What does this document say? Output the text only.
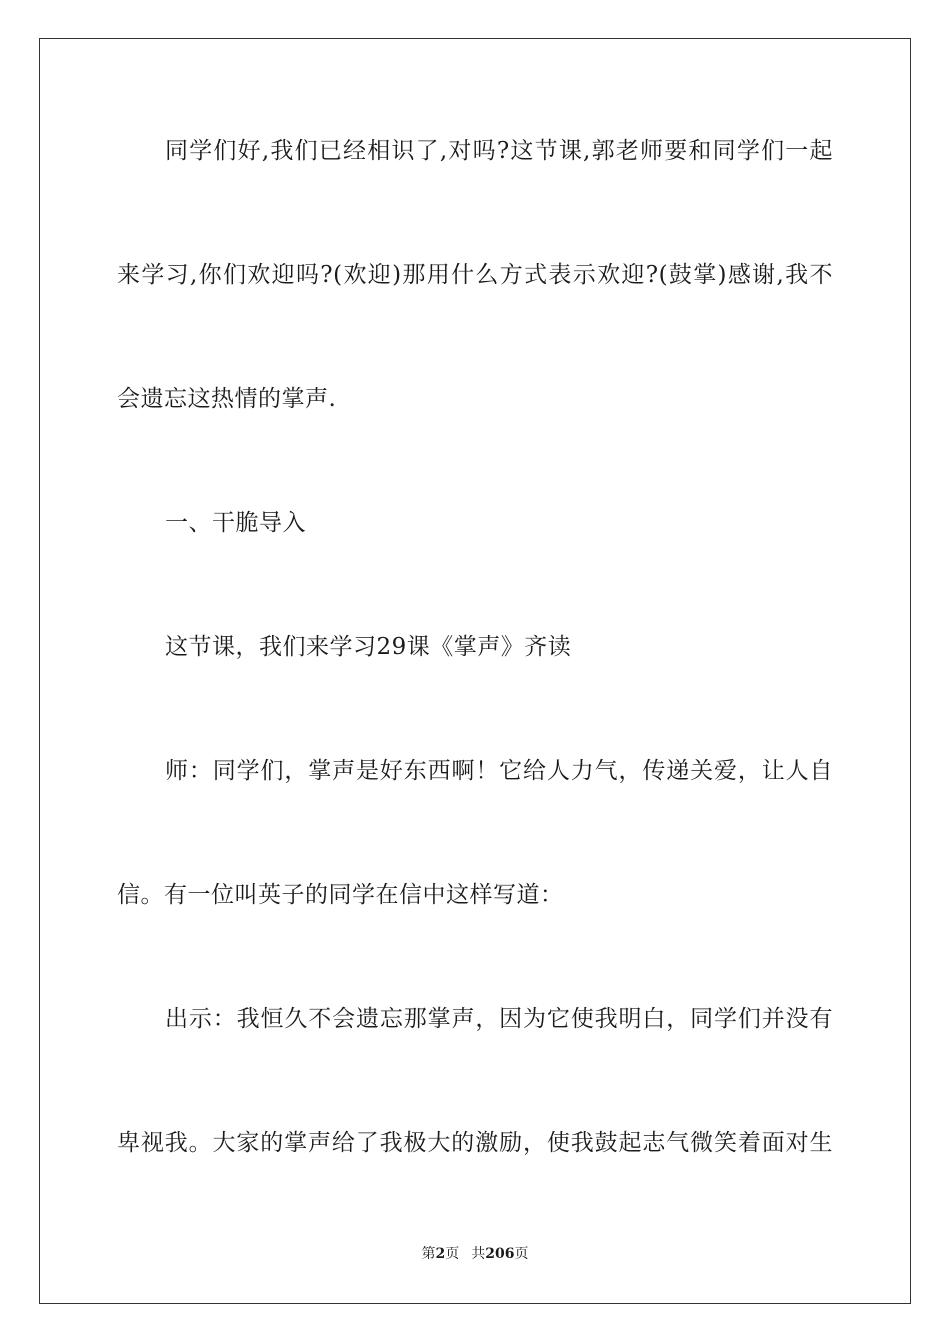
同学们好,我们已经相识了,对吗?这节课,郭老师要和同学们一起
来学习,你们欢迎吗?(欢迎)那用什么方式表示欢迎?(鼓掌)感谢,我不
会遗忘这热情的掌声.
一、干脆导入
这节课，我们来学习29课《掌声》齐读
师：同学们，掌声是好东西啊！它给人力气，传递关爱，让人自
信。有一位叫英子的同学在信中这样写道：
出示：我恒久不会遗忘那掌声，因为它使我明白，同学们并没有
卑视我。大家的掌声给了我极大的激励，使我鼓起志气微笑着面对生
第2页 共206页
